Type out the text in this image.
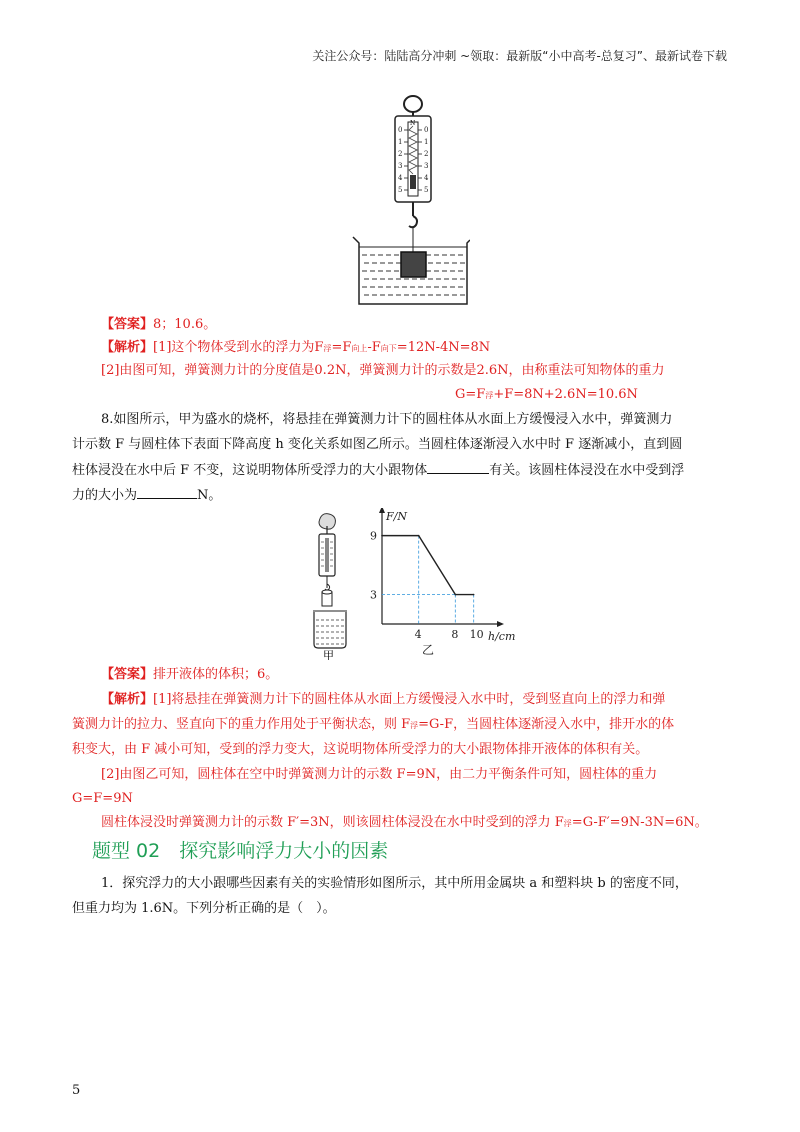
关注公众号：陆陆高分冲刺 ~领取：最新版“小中高考-总复习”、最新试卷下载
N
0
1
2
3
4
5
0
1
2
3
4
5
【答案】8；10.6。
【解析】[1]这个物体受到水的浮力为F浮=F向上-F向下=12N-4N=8N
[2]由图可知，弹簧测力计的分度值是0.2N，弹簧测力计的示数是2.6N，由称重法可知物体的重力
G=F浮+F=8N+2.6N=10.6N
8.如图所示，甲为盛水的烧杯，将悬挂在弹簧测力计下的圆柱体从水面上方缓慢浸入水中，弹簧测力
计示数 F 与圆柱体下表面下降高度 h 变化关系如图乙所示。当圆柱体逐渐浸入水中时 F 逐渐减小，直到圆
柱体浸没在水中后 F 不变，这说明物体所受浮力的大小跟物体	有关。该圆柱体浸没在水中受到浮
力的大小为	N。
甲
4	8 10
9
3
h/cm
F/N
乙
【答案】排开液体的体积；6。
【解析】[1]将悬挂在弹簧测力计下的圆柱体从水面上方缓慢浸入水中时，受到竖直向上的浮力和弹
簧测力计的拉力、竖直向下的重力作用处于平衡状态，则 F浮=G-F，当圆柱体逐渐浸入水中，排开水的体
积变大，由 F 减小可知，受到的浮力变大，这说明物体所受浮力的大小跟物体排开液体的体积有关。
[2]由图乙可知，圆柱体在空中时弹簧测力计的示数 F=9N，由二力平衡条件可知，圆柱体的重力
G=F=9N
圆柱体浸没时弹簧测力计的示数 F′=3N，则该圆柱体浸没在水中时受到的浮力 F浮=G-F′=9N-3N=6N。
题型 02　探究影响浮力大小的因素
1．探究浮力的大小跟哪些因素有关的实验情形如图所示，其中所用金属块 a 和塑料块 b 的密度不同，
但重力均为 1.6N。下列分析正确的是（　）。
5
